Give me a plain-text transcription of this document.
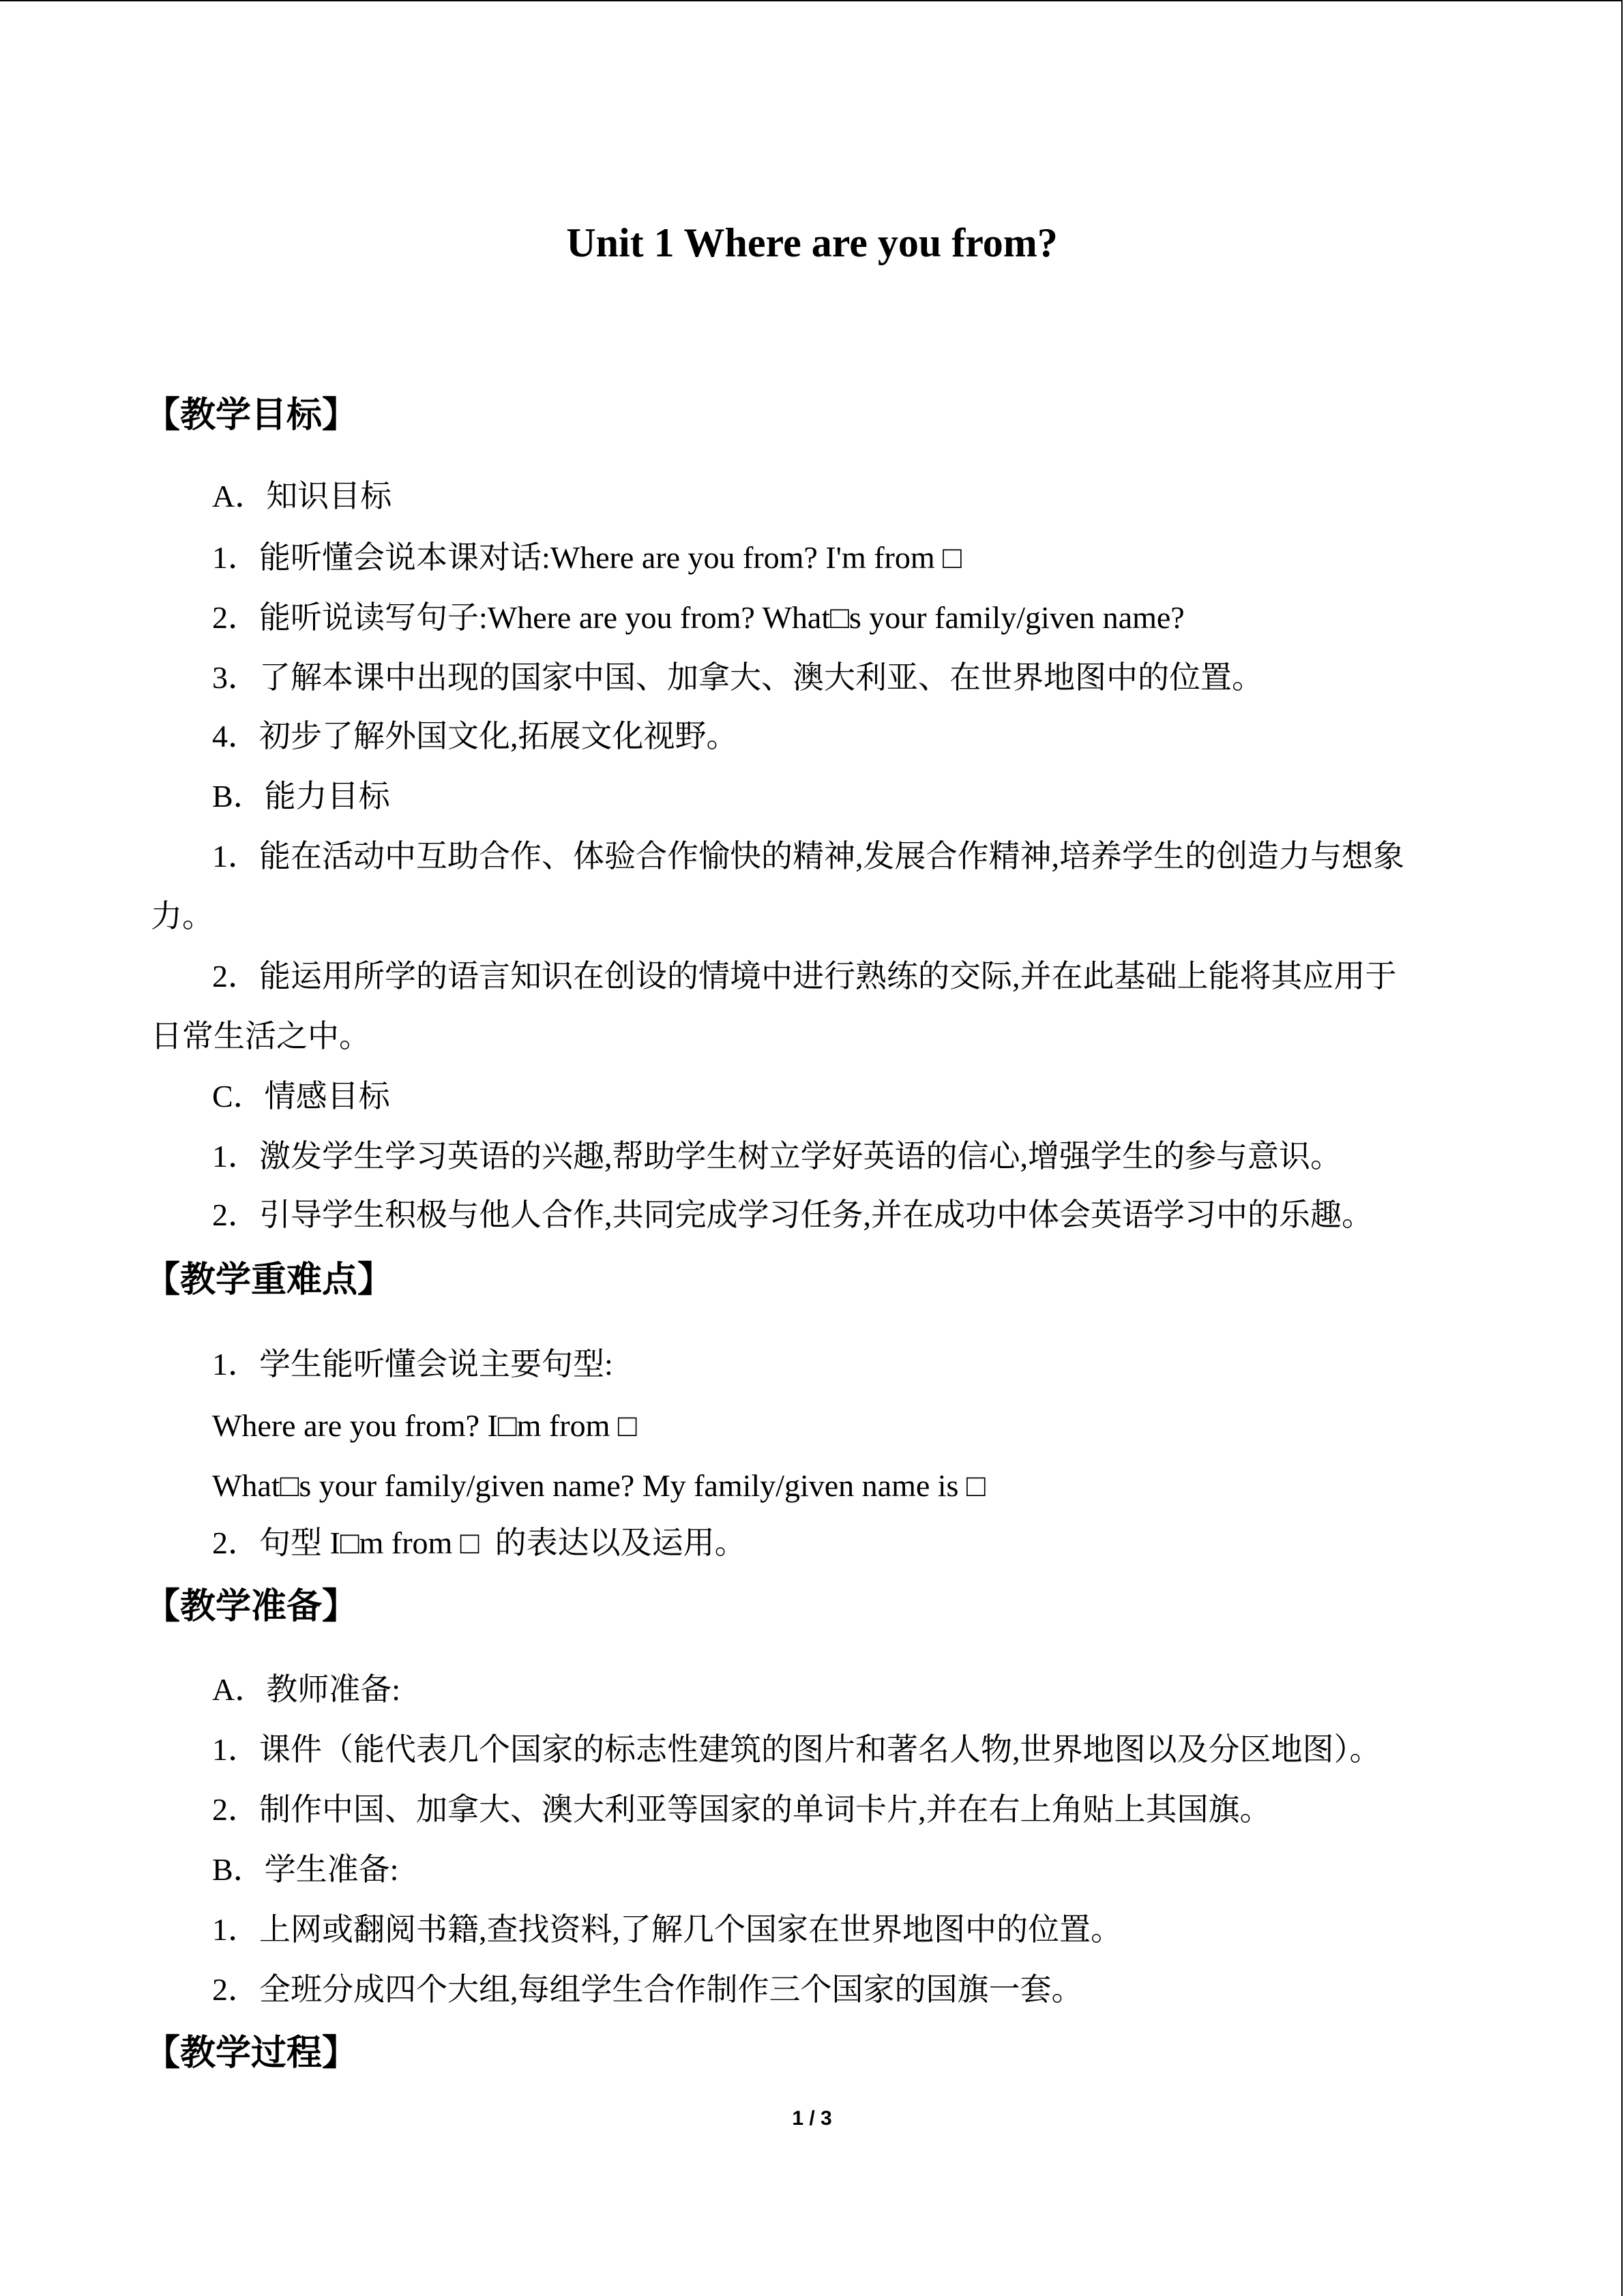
Unit 1 Where are you from?
【教学目标】
A．知识目标
1．能听懂会说本课对话:Where are you from? I'm from □
2．能听说读写句子:Where are you from? What□s your family/given name?
3．了解本课中出现的国家中国、加拿大、澳大利亚、在世界地图中的位置。
4．初步了解外国文化,拓展文化视野。
B．能力目标
1．能在活动中互助合作、体验合作愉快的精神,发展合作精神,培养学生的创造力与想象
力。
2．能运用所学的语言知识在创设的情境中进行熟练的交际,并在此基础上能将其应用于
日常生活之中。
C．情感目标
1．激发学生学习英语的兴趣,帮助学生树立学好英语的信心,增强学生的参与意识。
2．引导学生积极与他人合作,共同完成学习任务,并在成功中体会英语学习中的乐趣。
【教学重难点】
1．学生能听懂会说主要句型:
Where are you from? I□m from □
What□s your family/given name? My family/given name is □
2．句型 I□m from □  的表达以及运用。
【教学准备】
A．教师准备:
1．课件（能代表几个国家的标志性建筑的图片和著名人物,世界地图以及分区地图）。
2．制作中国、加拿大、澳大利亚等国家的单词卡片,并在右上角贴上其国旗。
B．学生准备:
1．上网或翻阅书籍,查找资料,了解几个国家在世界地图中的位置。
2．全班分成四个大组,每组学生合作制作三个国家的国旗一套。
【教学过程】
1 / 3
